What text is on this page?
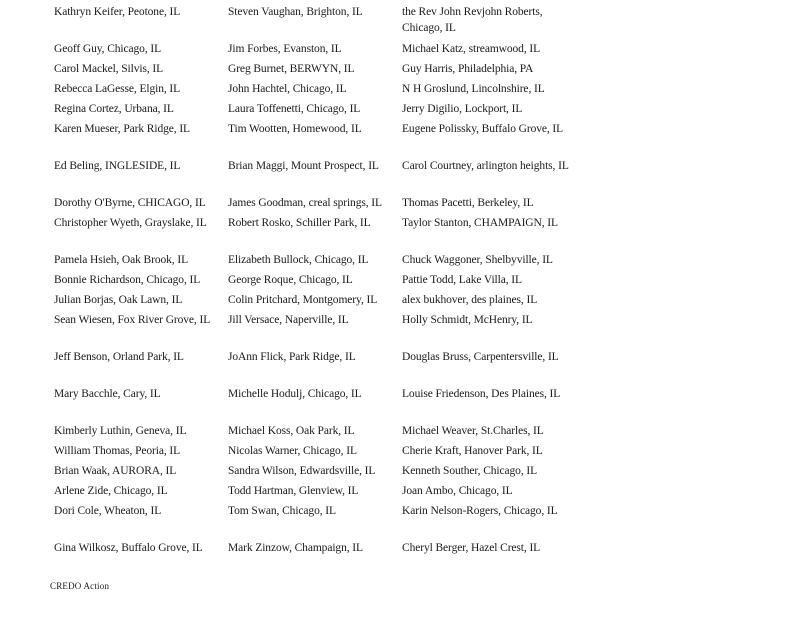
Kathryn Keifer, Peotone, IL	Steven Vaughan, Brighton, IL	the Rev John Revjohn Roberts, Chicago, IL
Geoff Guy, Chicago, IL	Jim Forbes, Evanston, IL	Michael Katz, streamwood, IL
Carol Mackel, Silvis, IL	Greg Burnet, BERWYN, IL	Guy Harris, Philadelphia, PA
Rebecca LaGesse, Elgin, IL	John Hachtel, Chicago, IL	N H Groslund, Lincolnshire, IL
Regina Cortez, Urbana, IL	Laura Toffenetti, Chicago, IL	Jerry Digilio, Lockport, IL
Karen Mueser, Park Ridge, IL	Tim Wootten, Homewood, IL	Eugene Polissky, Buffalo Grove, IL
Ed Beling, INGLESIDE, IL	Brian Maggi, Mount Prospect, IL	Carol Courtney, arlington heights, IL
Dorothy O'Byrne, CHICAGO, IL	James Goodman, creal springs, IL	Thomas Pacetti, Berkeley, IL
Christopher Wyeth, Grayslake, IL	Robert Rosko, Schiller Park, IL	Taylor Stanton, CHAMPAIGN, IL
Pamela Hsieh, Oak Brook, IL	Elizabeth Bullock, Chicago, IL	Chuck Waggoner, Shelbyville, IL
Bonnie Richardson, Chicago, IL	George Roque, Chicago, IL	Pattie Todd, Lake Villa, IL
Julian Borjas, Oak Lawn, IL	Colin Pritchard, Montgomery, IL	alex bukhover, des plaines, IL
Sean Wiesen, Fox River Grove, IL	Jill Versace, Naperville, IL	Holly Schmidt, McHenry, IL
Jeff Benson, Orland Park, IL	JoAnn Flick, Park Ridge, IL	Douglas Bruss, Carpentersville, IL
Mary Bacchle, Cary, IL	Michelle Hodulj, Chicago, IL	Louise Friedenson, Des Plaines, IL
Kimberly Luthin, Geneva, IL	Michael Koss, Oak Park, IL	Michael Weaver, St.Charles, IL
William Thomas, Peoria, IL	Nicolas Warner, Chicago, IL	Cherie Kraft, Hanover Park, IL
Brian Waak, AURORA, IL	Sandra Wilson, Edwardsville, IL	Kenneth Souther, Chicago, IL
Arlene Zide, Chicago, IL	Todd Hartman, Glenview, IL	Joan Ambo, Chicago, IL
Dori Cole, Wheaton, IL	Tom Swan, Chicago, IL	Karin Nelson-Rogers, Chicago, IL
Gina Wilkosz, Buffalo Grove, IL	Mark Zinzow, Champaign, IL	Cheryl Berger, Hazel Crest, IL
CREDO Action
